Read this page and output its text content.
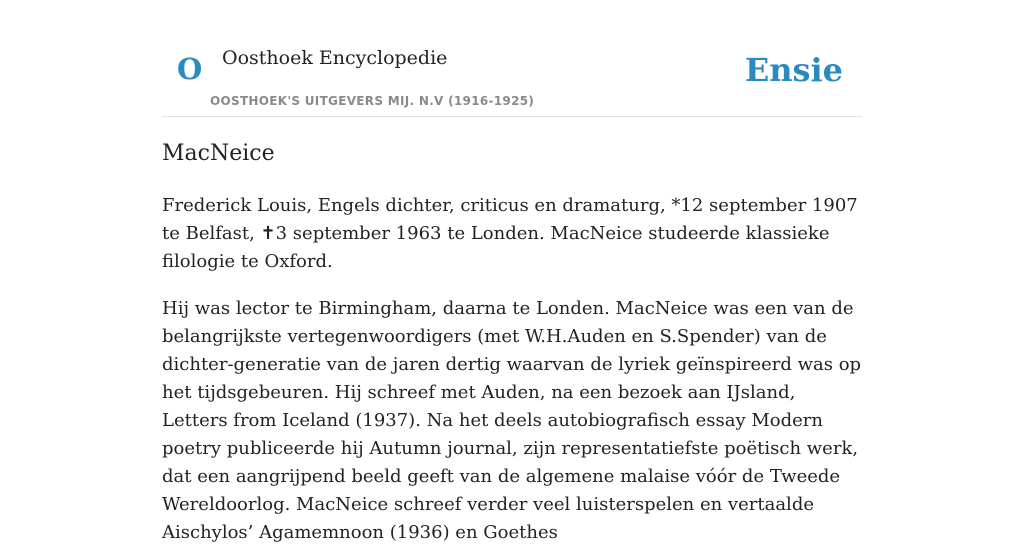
O Oosthoek Encyclopedie
OOSTHOEK'S UITGEVERS MIJ. N.V (1916-1925)
Ensie
MacNeice

Frederick Louis, Engels dichter, criticus en dramaturg, *12 september 1907 te Belfast, ✝3 september 1963 te Londen. MacNeice studeerde klassieke filologie te Oxford.

Hij was lector te Birmingham, daarna te Londen. MacNeice was een van de belangrijkste vertegenwoordigers (met W.H.Auden en S.Spender) van de dichter-generatie van de jaren dertig waarvan de lyriek geïnspireerd was op het tijdsgebeuren. Hij schreef met Auden, na een bezoek aan IJsland, Letters from Iceland (1937). Na het deels autobiografisch essay Modern poetry publiceerde hij Autumn journal, zijn representatiefste poëtisch werk, dat een aangrijpend beeld geeft van de algemene malaise vóór de Tweede Wereldoorlog. MacNeice schreef verder veel luisterspelen en vertaalde Aischylos’ Agamemnoon (1936) en Goethes
